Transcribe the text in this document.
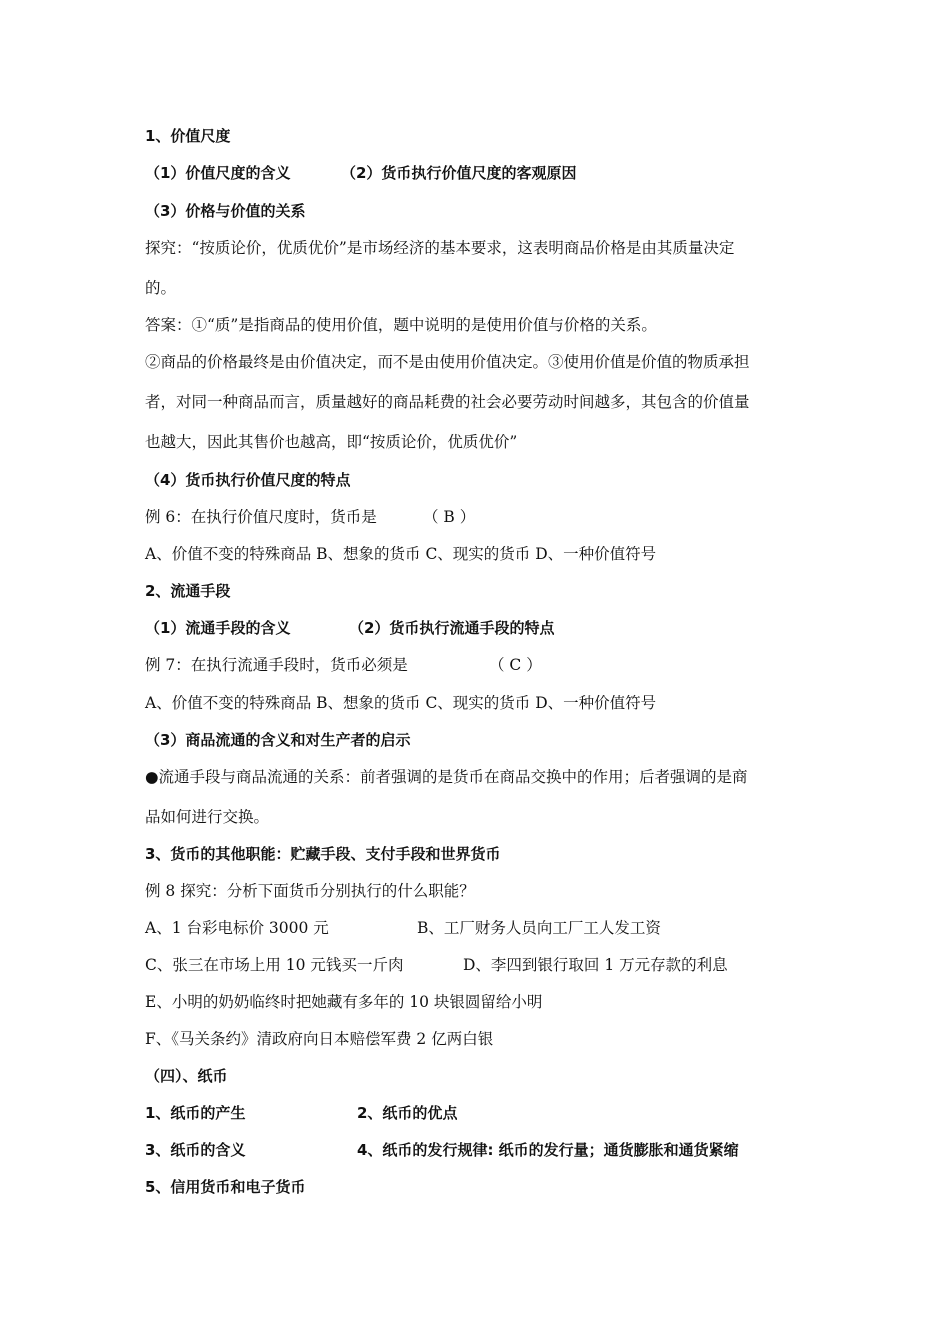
1、价值尺度
（1）价值尺度的含义	（2）货币执行价值尺度的客观原因
（3）价格与价值的关系
探究：“按质论价，优质优价”是市场经济的基本要求，这表明商品价格是由其质量决定
的。
答案：①“质”是指商品的使用价值，题中说明的是使用价值与价格的关系。
②商品的价格最终是由价值决定，而不是由使用价值决定。③使用价值是价值的物质承担
者，对同一种商品而言，质量越好的商品耗费的社会必要劳动时间越多，其包含的价值量
也越大，因此其售价也越高，即“按质论价，优质优价”
（4）货币执行价值尺度的特点
例 6：在执行价值尺度时，货币是	（ B ）
A、价值不变的特殊商品 B、想象的货币 C、现实的货币 D、一种价值符号
2、流通手段
（1）流通手段的含义	（2）货币执行流通手段的特点
例 7：在执行流通手段时，货币必须是	（ C ）
A、价值不变的特殊商品 B、想象的货币 C、现实的货币 D、一种价值符号
（3）商品流通的含义和对生产者的启示
●流通手段与商品流通的关系：前者强调的是货币在商品交换中的作用；后者强调的是商
品如何进行交换。
3、货币的其他职能：贮藏手段、支付手段和世界货币
例 8 探究：分析下面货币分别执行的什么职能？
A、1 台彩电标价 3000 元	B、工厂财务人员向工厂工人发工资
C、张三在市场上用 10 元钱买一斤肉	D、李四到银行取回 1 万元存款的利息
E、小明的奶奶临终时把她藏有多年的 10 块银圆留给小明
F、《马关条约》清政府向日本赔偿军费 2 亿两白银
（四）、纸币
1、纸币的产生	2、纸币的优点
3、纸币的含义	4、纸币的发行规律: 纸币的发行量；通货膨胀和通货紧缩
5、信用货币和电子货币
